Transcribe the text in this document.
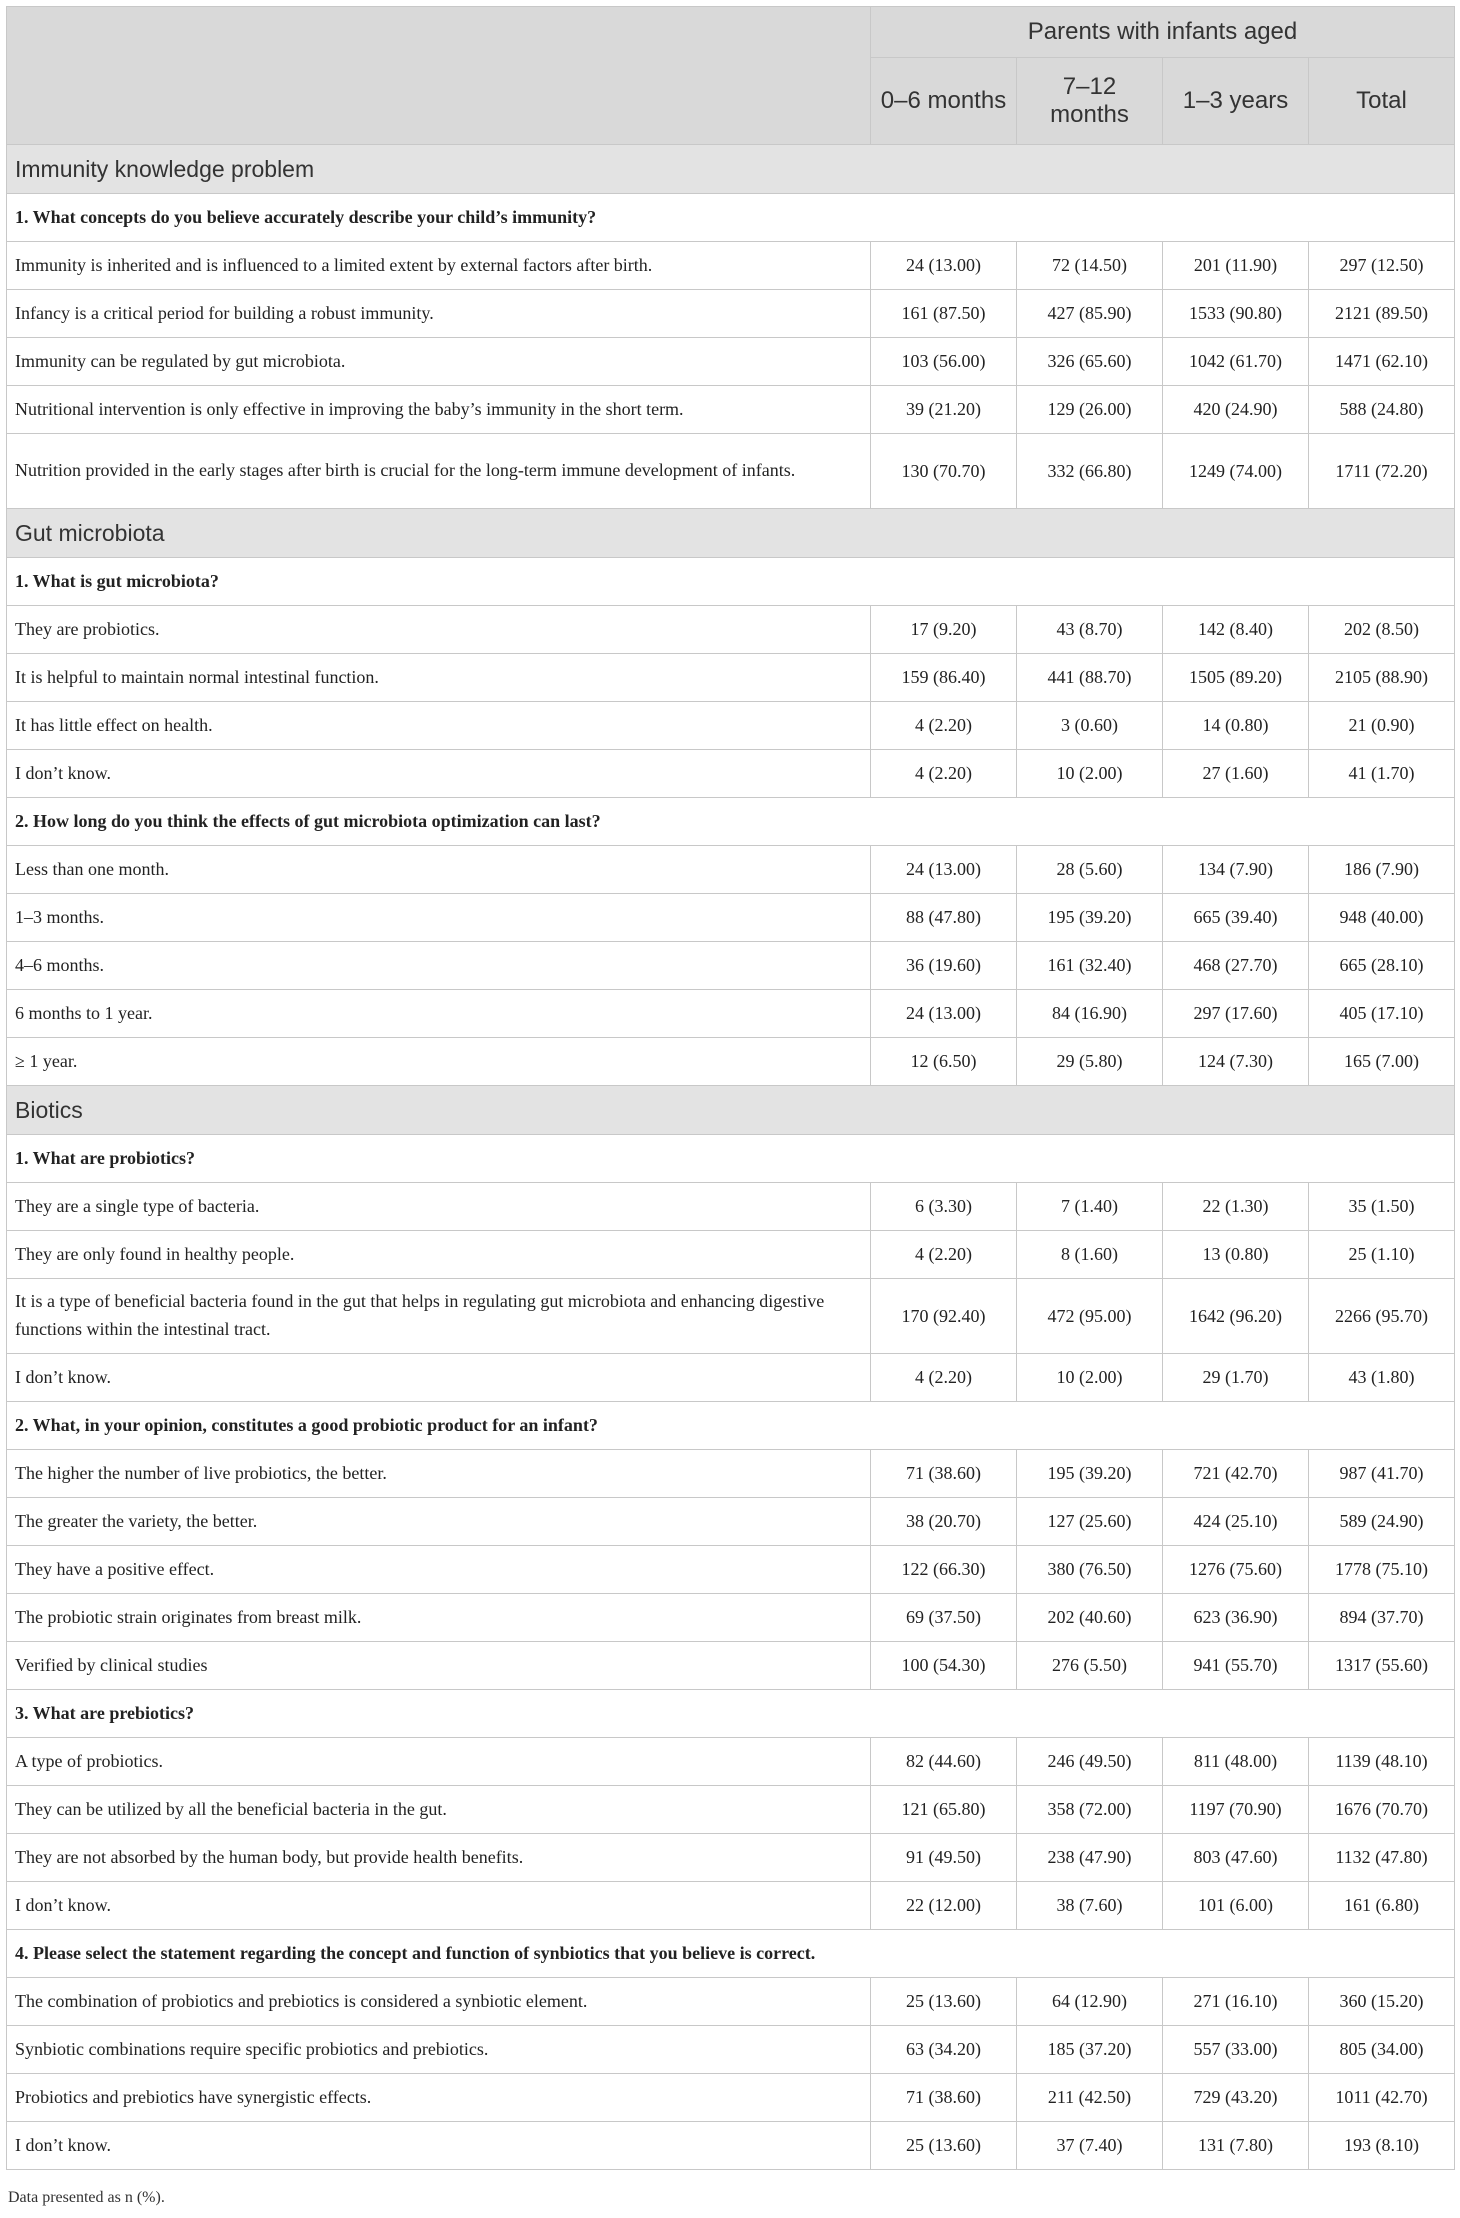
	Parents with infants aged			
	0–6 months	7–12 months	1–3 years	Total
Immunity knowledge problem				
1. What concepts do you believe accurately describe your child’s immunity?				
Immunity is inherited and is influenced to a limited extent by external factors after birth.	24 (13.00)	72 (14.50)	201 (11.90)	297 (12.50)
Infancy is a critical period for building a robust immunity.	161 (87.50)	427 (85.90)	1533 (90.80)	2121 (89.50)
Immunity can be regulated by gut microbiota.	103 (56.00)	326 (65.60)	1042 (61.70)	1471 (62.10)
Nutritional intervention is only effective in improving the baby’s immunity in the short term.	39 (21.20)	129 (26.00)	420 (24.90)	588 (24.80)
Nutrition provided in the early stages after birth is crucial for the long-term immune development of infants.	130 (70.70)	332 (66.80)	1249 (74.00)	1711 (72.20)
Gut microbiota				
1. What is gut microbiota?				
They are probiotics.	17 (9.20)	43 (8.70)	142 (8.40)	202 (8.50)
It is helpful to maintain normal intestinal function.	159 (86.40)	441 (88.70)	1505 (89.20)	2105 (88.90)
It has little effect on health.	4 (2.20)	3 (0.60)	14 (0.80)	21 (0.90)
I don’t know.	4 (2.20)	10 (2.00)	27 (1.60)	41 (1.70)
2. How long do you think the effects of gut microbiota optimization can last?				
Less than one month.	24 (13.00)	28 (5.60)	134 (7.90)	186 (7.90)
1–3 months.	88 (47.80)	195 (39.20)	665 (39.40)	948 (40.00)
4–6 months.	36 (19.60)	161 (32.40)	468 (27.70)	665 (28.10)
6 months to 1 year.	24 (13.00)	84 (16.90)	297 (17.60)	405 (17.10)
≥ 1 year.	12 (6.50)	29 (5.80)	124 (7.30)	165 (7.00)
Biotics				
1. What are probiotics?				
They are a single type of bacteria.	6 (3.30)	7 (1.40)	22 (1.30)	35 (1.50)
They are only found in healthy people.	4 (2.20)	8 (1.60)	13 (0.80)	25 (1.10)
It is a type of beneficial bacteria found in the gut that helps in regulating gut microbiota and enhancing digestive functions within the intestinal tract.	170 (92.40)	472 (95.00)	1642 (96.20)	2266 (95.70)
I don’t know.	4 (2.20)	10 (2.00)	29 (1.70)	43 (1.80)
2. What, in your opinion, constitutes a good probiotic product for an infant?				
The higher the number of live probiotics, the better.	71 (38.60)	195 (39.20)	721 (42.70)	987 (41.70)
The greater the variety, the better.	38 (20.70)	127 (25.60)	424 (25.10)	589 (24.90)
They have a positive effect.	122 (66.30)	380 (76.50)	1276 (75.60)	1778 (75.10)
The probiotic strain originates from breast milk.	69 (37.50)	202 (40.60)	623 (36.90)	894 (37.70)
Verified by clinical studies	100 (54.30)	276 (5.50)	941 (55.70)	1317 (55.60)
3. What are prebiotics?				
A type of probiotics.	82 (44.60)	246 (49.50)	811 (48.00)	1139 (48.10)
They can be utilized by all the beneficial bacteria in the gut.	121 (65.80)	358 (72.00)	1197 (70.90)	1676 (70.70)
They are not absorbed by the human body, but provide health benefits.	91 (49.50)	238 (47.90)	803 (47.60)	1132 (47.80)
I don’t know.	22 (12.00)	38 (7.60)	101 (6.00)	161 (6.80)
4. Please select the statement regarding the concept and function of synbiotics that you believe is correct.				
The combination of probiotics and prebiotics is considered a synbiotic element.	25 (13.60)	64 (12.90)	271 (16.10)	360 (15.20)
Synbiotic combinations require specific probiotics and prebiotics.	63 (34.20)	185 (37.20)	557 (33.00)	805 (34.00)
Probiotics and prebiotics have synergistic effects.	71 (38.60)	211 (42.50)	729 (43.20)	1011 (42.70)
I don’t know.	25 (13.60)	37 (7.40)	131 (7.80)	193 (8.10)
Data presented as n (%).
